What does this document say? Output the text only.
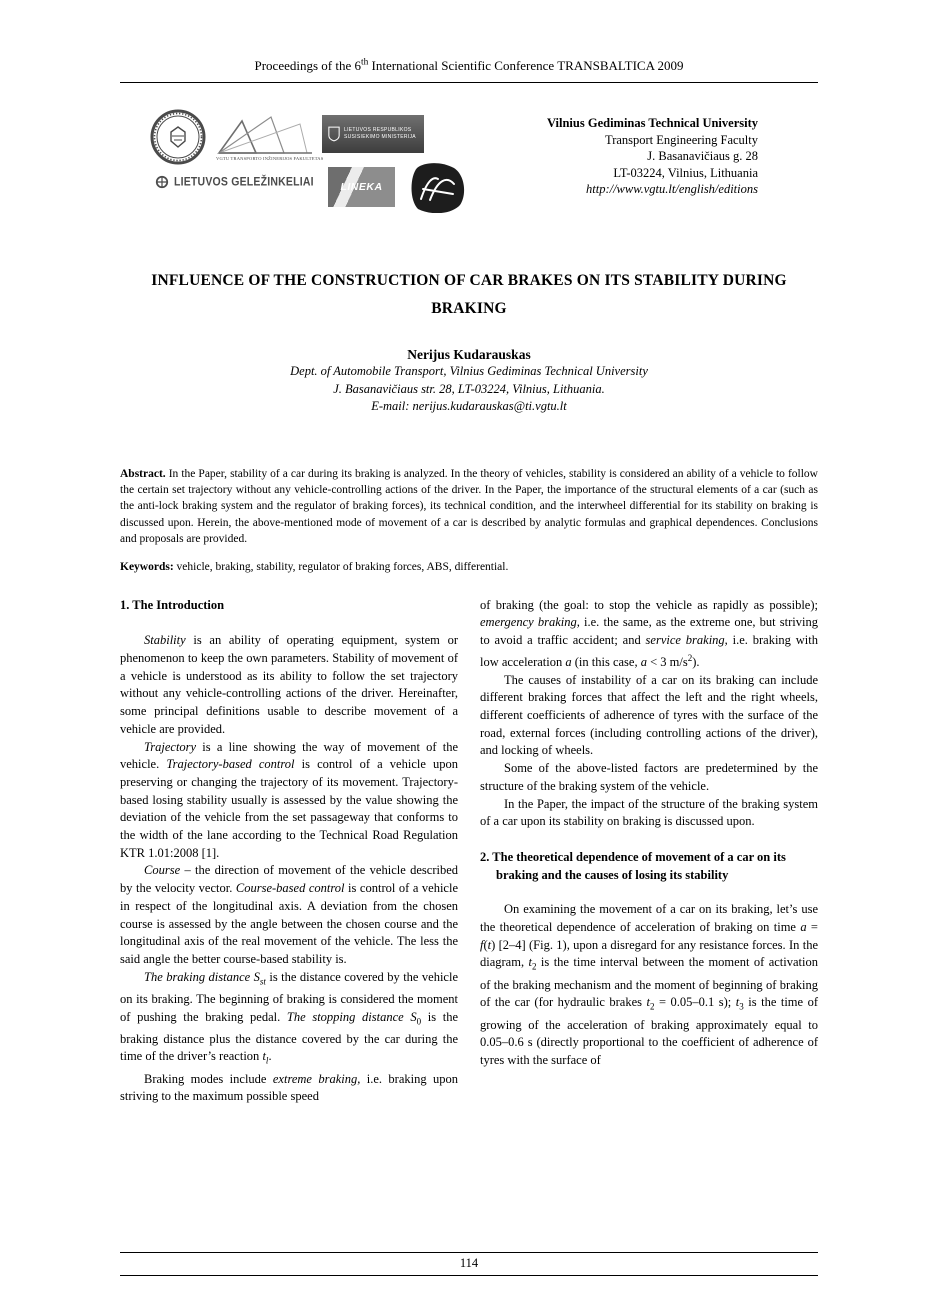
Proceedings of the 6th International Scientific Conference TRANSBALTICA 2009
VGTU TRANSPORTO INŽINERIJOS FAKULTETAS
LIETUVOS RESPUBLIKOS
SUSISIEKIMO MINISTERIJA
LIETUVOS GELEŽINKELIAI	LINEKA
Vilnius Gediminas Technical University
Transport Engineering Faculty
J. Basanavičiaus g. 28
LT-03224, Vilnius, Lithuania
http://www.vgtu.lt/english/editions
INFLUENCE OF THE CONSTRUCTION OF CAR BRAKES ON ITS STABILITY DURING BRAKING
Nerijus Kudarauskas
Dept. of Automobile Transport, Vilnius Gediminas Technical University
J. Basanavičiaus str. 28, LT-03224, Vilnius, Lithuania.
E-mail: nerijus.kudarauskas@ti.vgtu.lt
Abstract. In the Paper, stability of a car during its braking is analyzed. In the theory of vehicles, stability is considered an ability of a vehicle to follow the certain set trajectory without any vehicle-controlling actions of the driver. In the Paper, the importance of the structural elements of a car (such as the anti-lock braking system and the regulator of braking forces), its technical condition, and the interwheel differential for its stability on braking is discussed upon. Herein, the above-mentioned mode of movement of a car is described by analytic formulas and graphical dependences. Conclusions and proposals are provided.
Keywords: vehicle, braking, stability, regulator of braking forces, ABS, differential.
1. The Introduction

Stability is an ability of operating equipment, system or phenomenon to keep the own parameters. Stability of movement of a vehicle is understood as its ability to follow the set trajectory without any vehicle-controlling actions of the driver. Hereinafter, some principal definitions usable to describe movement of a vehicle are provided.

Trajectory is a line showing the way of movement of the vehicle. Trajectory-based control is control of a vehicle upon preserving or changing the trajectory of its movement. Trajectory-based losing stability usually is assessed by the value showing the deviation of the vehicle from the set passageway that conforms to the width of the lane according to the Technical Road Regulation KTR 1.01:2008 [1].

Course – the direction of movement of the vehicle described by the velocity vector. Course-based control is control of a vehicle in respect of the longitudinal axis. A deviation from the chosen course is assessed by the angle between the chosen course and the longitudinal axis of the real movement of the vehicle. The less the said angle the better course-based stability is.

The braking distance $S_{st}$ is the distance covered by the vehicle on its braking. The beginning of braking is considered the moment of pushing the braking pedal. The stopping distance $S_0$ is the braking distance plus the distance covered by the car during the time of the driver’s reaction $t_l$.

Braking modes include extreme braking, i.e. braking upon striving to the maximum possible speed

of braking (the goal: to stop the vehicle as rapidly as possible); emergency braking, i.e. the same, as the extreme one, but striving to avoid a traffic accident; and service braking, i.e. braking with low acceleration a (in this case, a < 3 $m/s^2$).

The causes of instability of a car on its braking can include different braking forces that affect the left and the right wheels, different coefficients of adherence of tyres with the surface of the road, external forces (including controlling actions of the driver), and locking of wheels.

Some of the above-listed factors are predetermined by the structure of the braking system of the vehicle.

In the Paper, the impact of the structure of the braking system of a car upon its stability on braking is discussed upon.

2. The theoretical dependence of movement of a car on its braking and the causes of losing its stability

On examining the movement of a car on its braking, let’s use the theoretical dependence of acceleration of braking on time a = f(t) [2–4] (Fig. 1), upon a disregard for any resistance forces. In the diagram, $t_2$ is the time interval between the moment of activation of the braking mechanism and the moment of beginning of braking of the car (for hydraulic brakes $t_2 = 0.05-0.1$ s); $t_3$ is the time of growing of the acceleration of braking approximately equal to 0.05–0.6 s (directly proportional to the coefficient of adherence of tyres with the surface of

114
